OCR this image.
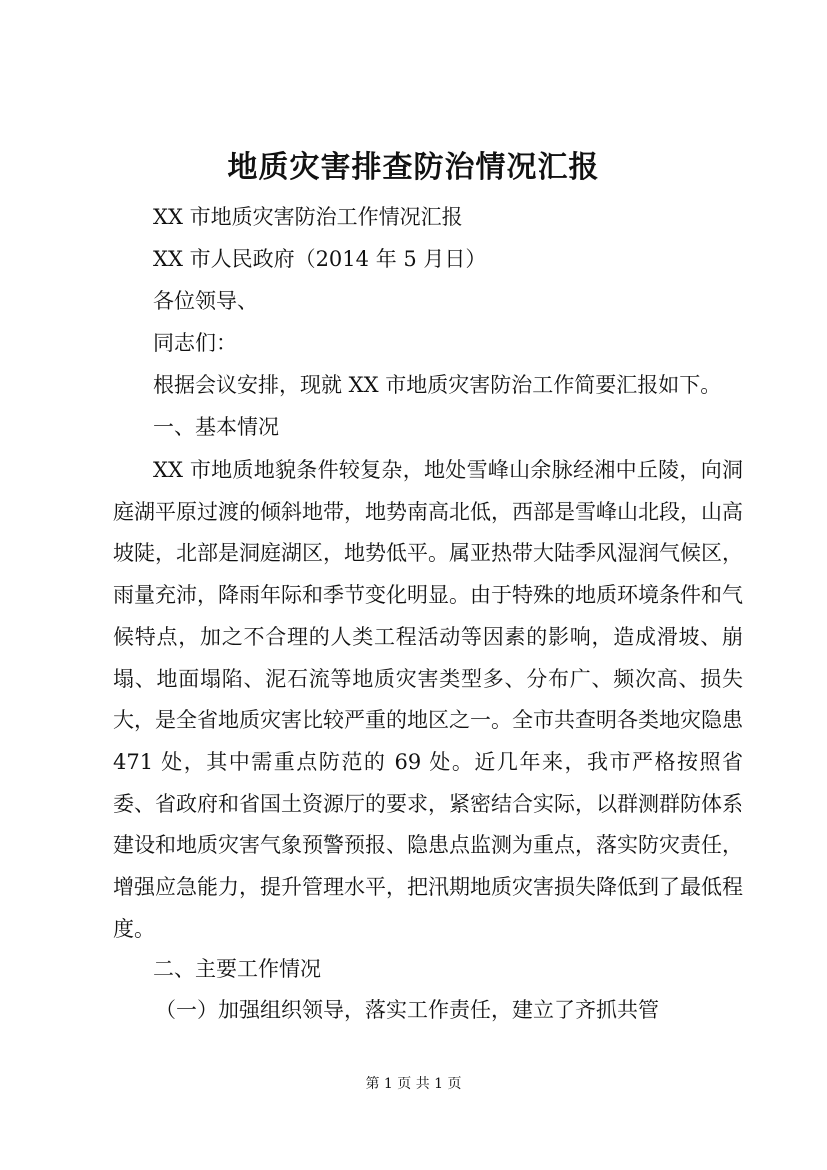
地质灾害排查防治情况汇报
XX 市地质灾害防治工作情况汇报
XX 市人民政府（2014 年 5 月日）
各位领导、
同志们：
根据会议安排，现就 XX 市地质灾害防治工作简要汇报如下。
一、基本情况

XX 市地质地貌条件较复杂，地处雪峰山余脉经湘中丘陵，向洞庭湖平原过渡的倾斜地带，地势南高北低，西部是雪峰山北段，山高坡陡，北部是洞庭湖区，地势低平。属亚热带大陆季风湿润气候区，雨量充沛，降雨年际和季节变化明显。由于特殊的地质环境条件和气候特点，加之不合理的人类工程活动等因素的影响，造成滑坡、崩塌、地面塌陷、泥石流等地质灾害类型多、分布广、频次高、损失大，是全省地质灾害比较严重的地区之一。全市共查明各类地灾隐患 471 处，其中需重点防范的 69 处。近几年来，我市严格按照省委、省政府和省国土资源厅的要求，紧密结合实际，以群测群防体系建设和地质灾害气象预警预报、隐患点监测为重点，落实防灾责任，增强应急能力，提升管理水平，把汛期地质灾害损失降低到了最低程度。

二、主要工作情况
（一）加强组织领导，落实工作责任，建立了齐抓共管
第 1 页 共 1 页
